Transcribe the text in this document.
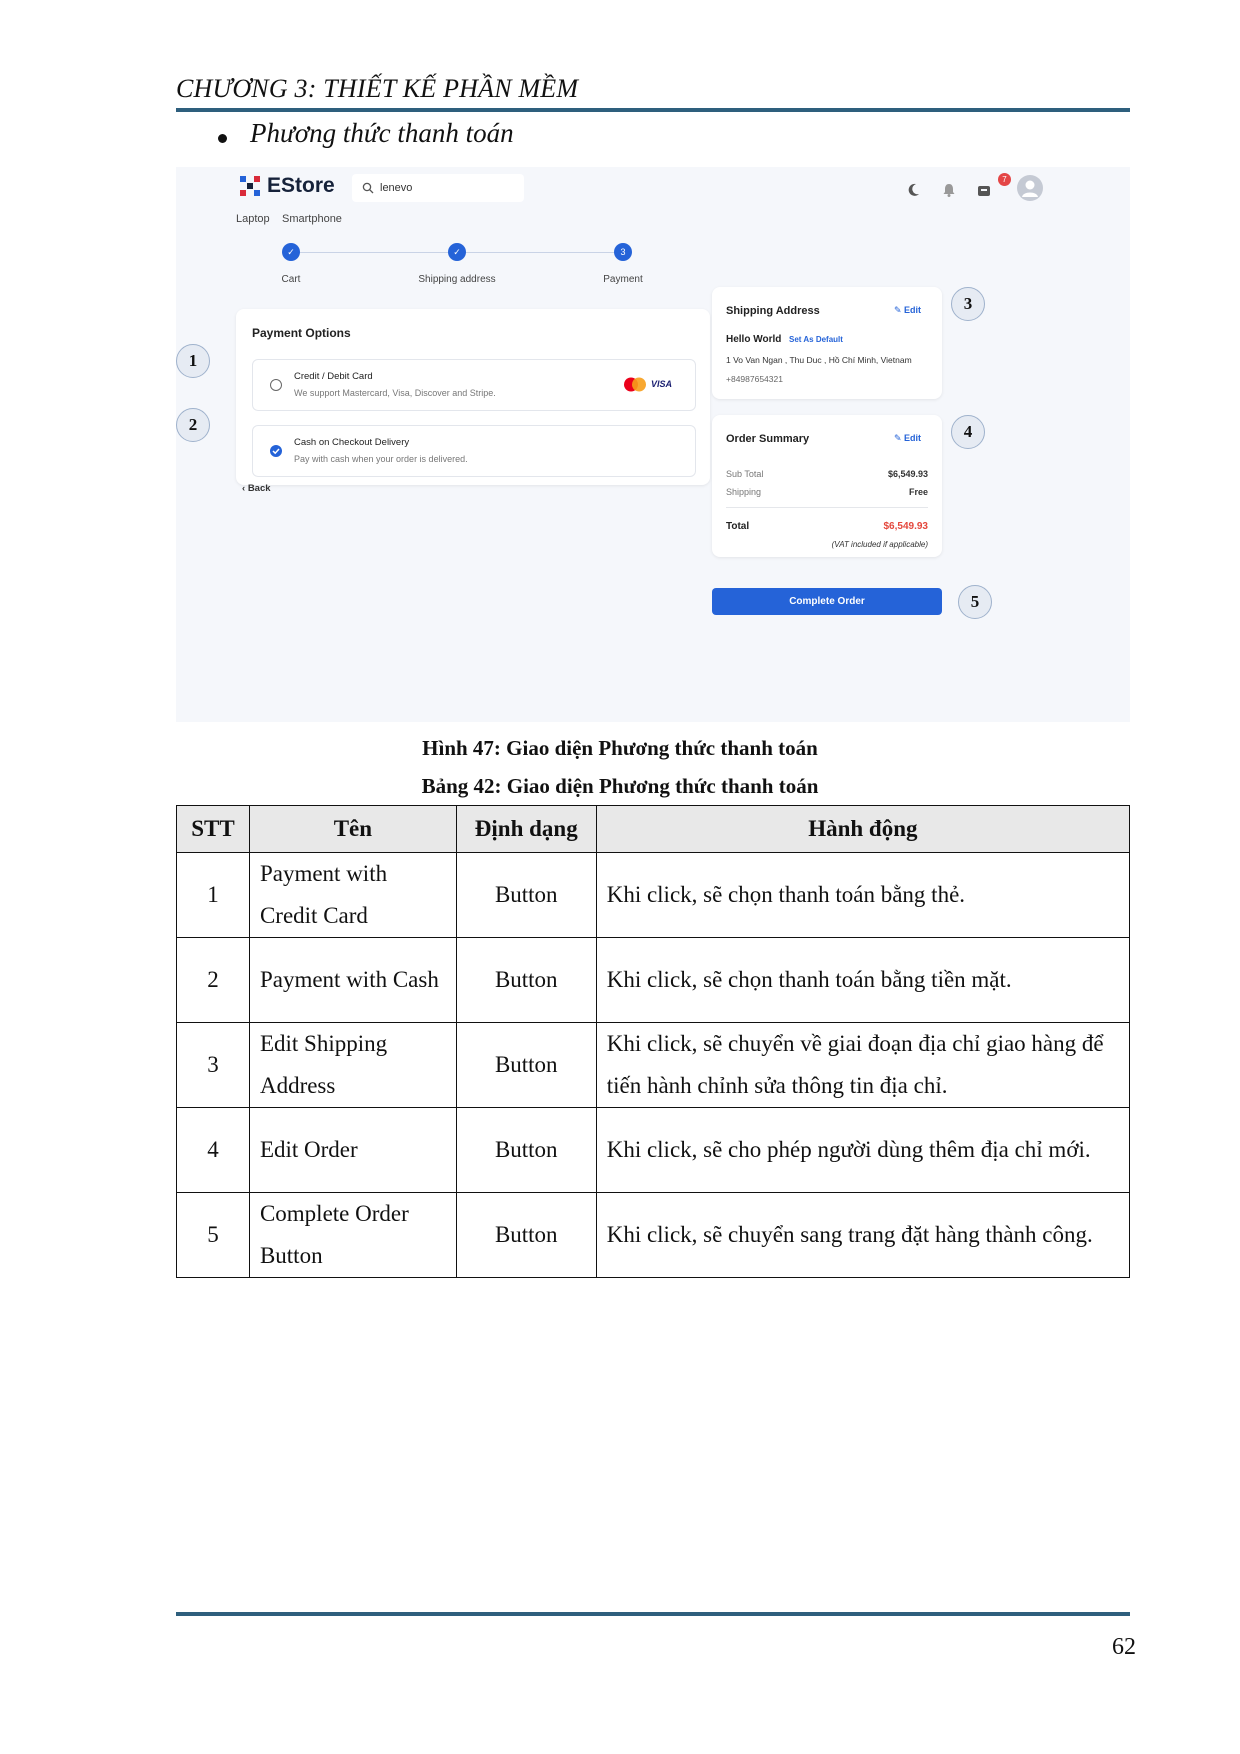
CHƯƠNG 3: THIẾT KẾ PHẦN MỀM
Phương thức thanh toán
EStore	lenevo
Laptop Smartphone
7
✓	✓	3
Cart	Shipping address	Payment
Payment Options
Credit / Debit Card
We support Mastercard, Visa, Discover and Stripe.
VISA
Cash on Checkout Delivery
Pay with cash when your order is delivered.
‹ Back
Shipping Address	✎ Edit
Hello World Set As Default
1 Vo Van Ngan , Thu Duc , Hồ Chí Minh, Vietnam
+84987654321
Order Summary	✎ Edit
Sub Total	$6,549.93
Shipping	Free
Total	$6,549.93
(VAT included if applicable)
Complete Order
1
2
3
4
5
Hình 47: Giao diện Phương thức thanh toán
Bảng 42: Giao diện Phương thức thanh toán
STT	Tên	Định dạng	Hành động
1	Payment with Credit Card	Button	Khi click, sẽ chọn thanh toán bằng thẻ.
2	Payment with Cash	Button	Khi click, sẽ chọn thanh toán bằng tiền mặt.
3	Edit Shipping Address	Button	Khi click, sẽ chuyển về giai đoạn địa chỉ giao hàng để tiến hành chỉnh sửa thông tin địa chỉ.
4	Edit Order	Button	Khi click, sẽ cho phép người dùng thêm địa chỉ mới.
5	Complete Order Button	Button	Khi click, sẽ chuyển sang trang đặt hàng thành công.
62
